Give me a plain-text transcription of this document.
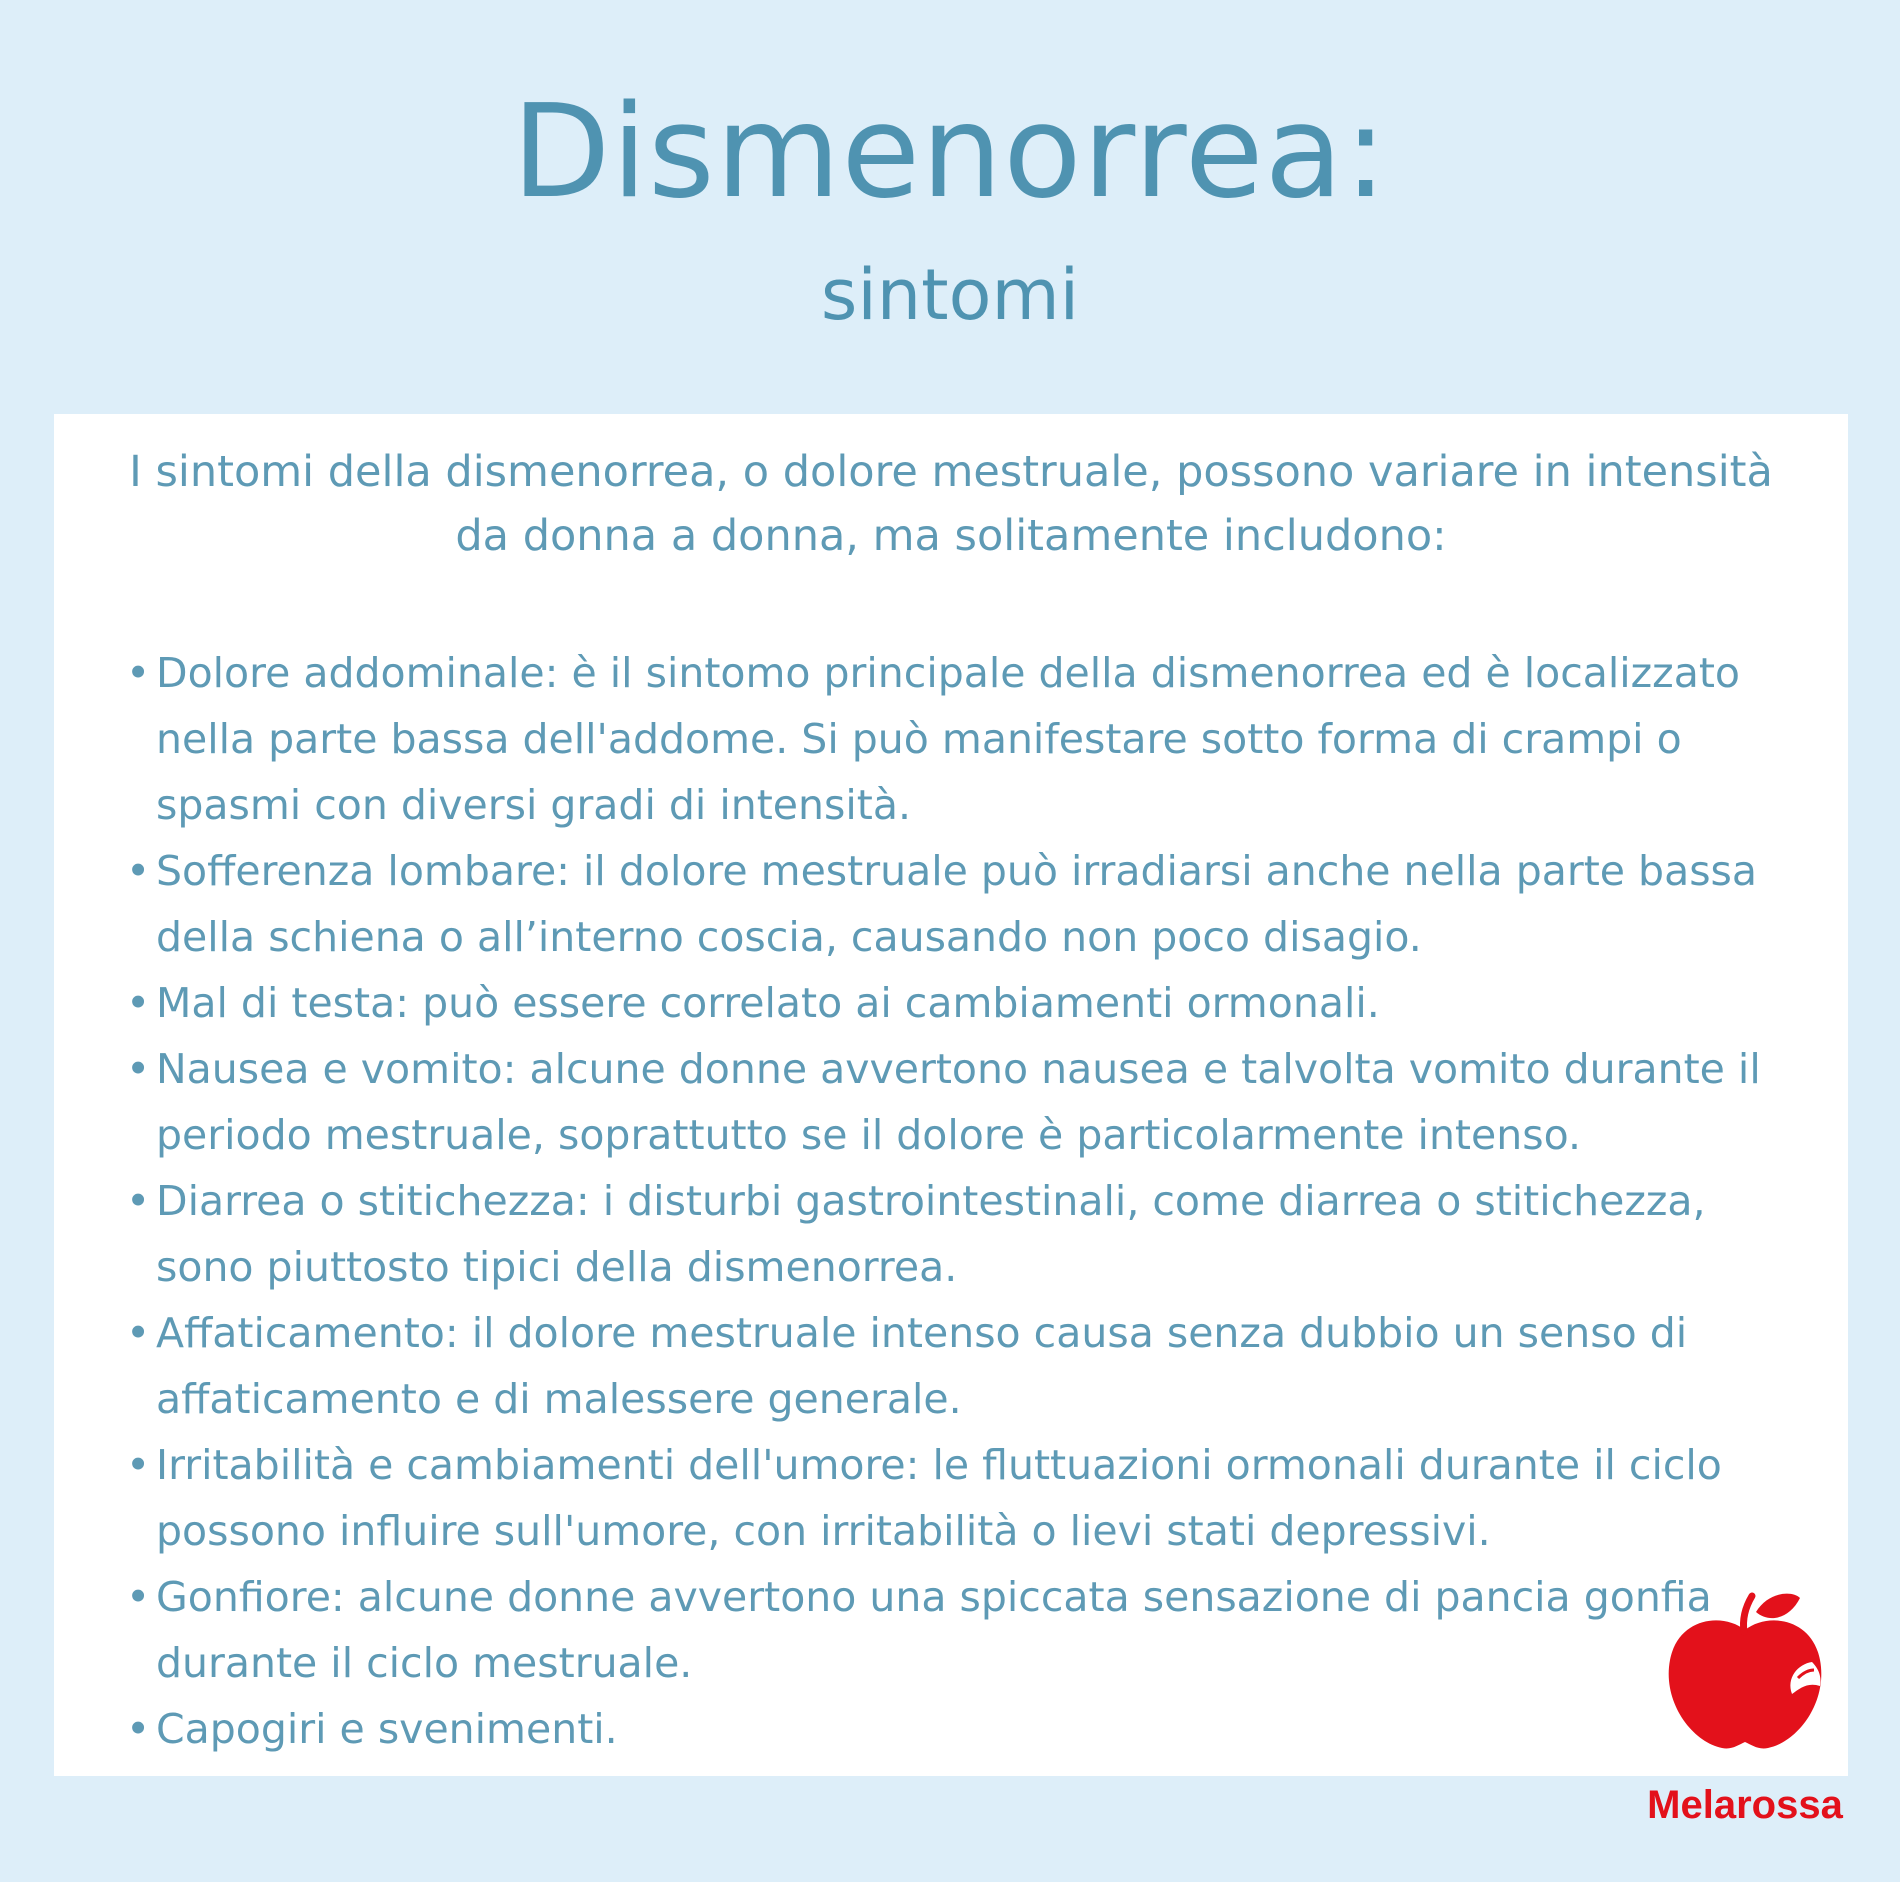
Dismenorrea:
sintomi

I sintomi della dismenorrea, o dolore mestruale, possono variare in intensità da donna a donna, ma solitamente includono:

• Dolore addominale: è il sintomo principale della dismenorrea ed è localizzato nella parte bassa dell'addome. Si può manifestare sotto forma di crampi o spasmi con diversi gradi di intensità.
• Sofferenza lombare: il dolore mestruale può irradiarsi anche nella parte bassa della schiena o all’interno coscia, causando non poco disagio.
• Mal di testa: può essere correlato ai cambiamenti ormonali.
• Nausea e vomito: alcune donne avvertono nausea e talvolta vomito durante il periodo mestruale, soprattutto se il dolore è particolarmente intenso.
• Diarrea o stitichezza: i disturbi gastrointestinali, come diarrea o stitichezza, sono piuttosto tipici della dismenorrea.
• Affaticamento: il dolore mestruale intenso causa senza dubbio un senso di affaticamento e di malessere generale.
• Irritabilità e cambiamenti dell'umore: le fluttuazioni ormonali durante il ciclo possono influire sull'umore, con irritabilità o lievi stati depressivi.
• Gonfiore: alcune donne avvertono una spiccata sensazione di pancia gonfia durante il ciclo mestruale.
• Capogiri e svenimenti.
Melarossa
